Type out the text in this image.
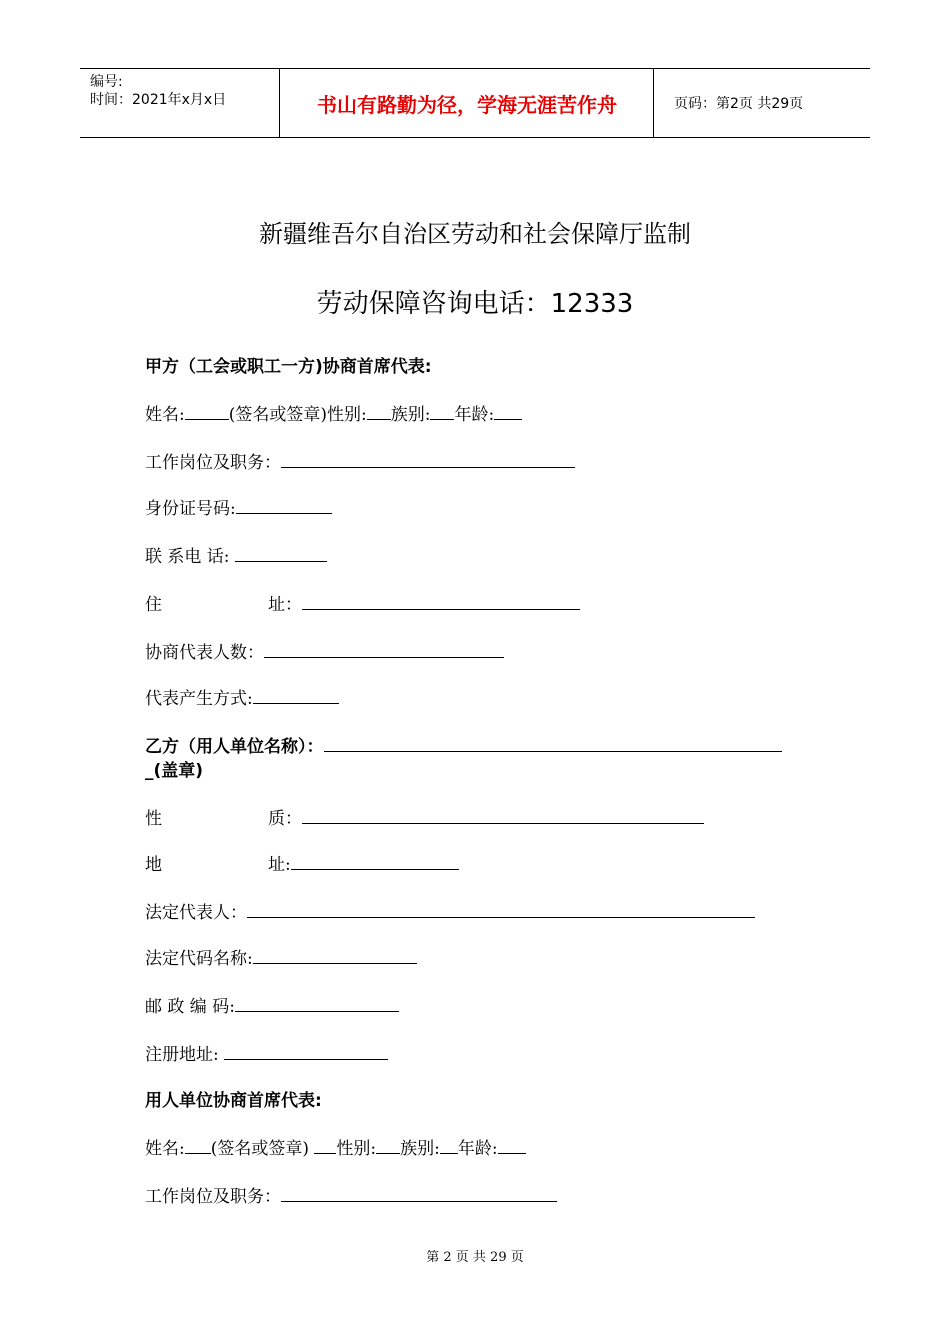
编号:
时间：2021年x月x日	书山有路勤为径，学海无涯苦作舟	页码：第2页 共29页
新疆维吾尔自治区劳动和社会保障厅监制
劳动保障咨询电话：12333
甲方（工会或职工一方)协商首席代表:
姓名:	(签名或签章)性别: 族别: 年龄:
工作岗位及职务：
身份证号码:
联 系电 话:
住	址：
协商代表人数：
代表产生方式:
乙方（用人单位名称）：
_(盖章)
性	质：
地	址:
法定代表人：
法定代码名称:
邮 政 编 码:
注册地址:
用人单位协商首席代表:
姓名: (签名或签章) 性别: 族别: 年龄:
工作岗位及职务：
第 2 页 共 29 页
